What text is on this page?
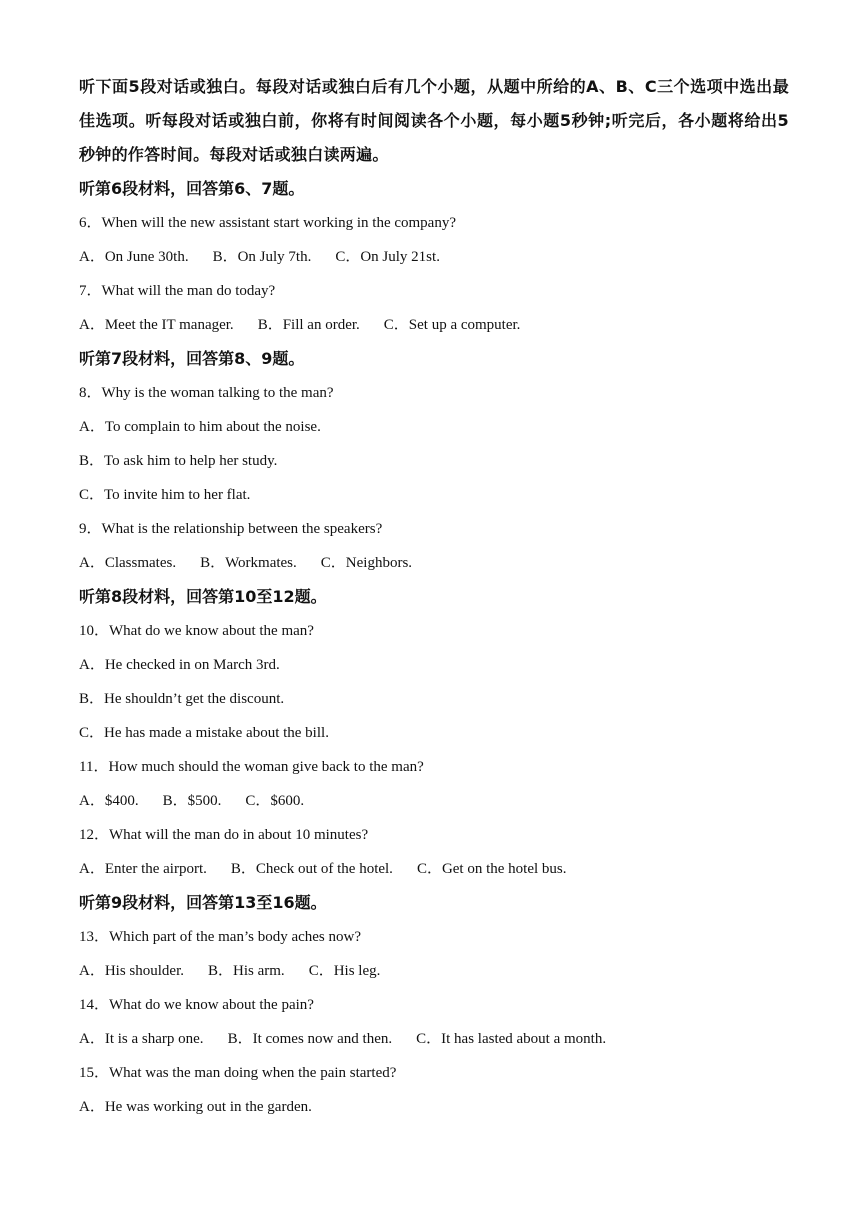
听下面5段对话或独白。每段对话或独白后有几个小题，从题中所给的A、B、C三个选项中选出最佳选项。听每段对话或独白前，你将有时间阅读各个小题，每小题5秒钟;听完后，各小题将给出5秒钟的作答时间。每段对话或独白读两遍。

听第6段材料，回答第6、7题。

6．When will the new assistant start working in the company?

A．On June 30th. B．On July 7th. C．On July 21st.

7．What will the man do today?

A．Meet the IT manager. B．Fill an order. C．Set up a computer.

听第7段材料，回答第8、9题。

8．Why is the woman talking to the man?

A．To complain to him about the noise.

B．To ask him to help her study.

C．To invite him to her flat.

9．What is the relationship between the speakers?

A．Classmates. B．Workmates. C．Neighbors.

听第8段材料，回答第10至12题。

10．What do we know about the man?

A．He checked in on March 3rd.

B．He shouldn’t get the discount.

C．He has made a mistake about the bill.

11．How much should the woman give back to the man?

A．$400. B．$500. C．$600.

12．What will the man do in about 10 minutes?

A．Enter the airport. B．Check out of the hotel. C．Get on the hotel bus.

听第9段材料，回答第13至16题。

13．Which part of the man’s body aches now?

A．His shoulder. B．His arm. C．His leg.

14．What do we know about the pain?

A．It is a sharp one. B．It comes now and then. C．It has lasted about a month.

15．What was the man doing when the pain started?

A．He was working out in the garden.
